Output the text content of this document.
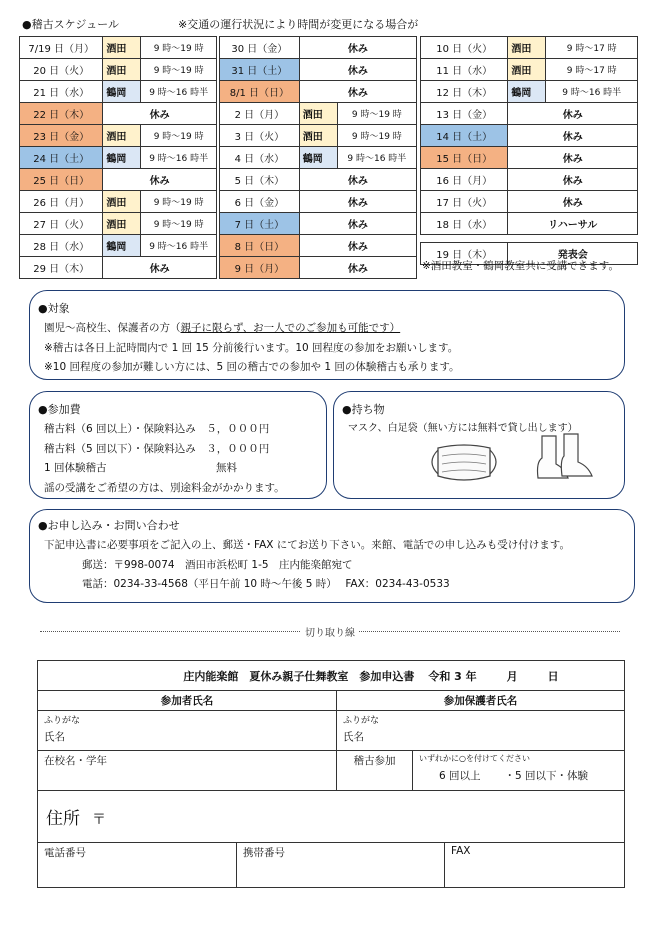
●稽古スケジュール	※交通の運行状況により時間が変更になる場合が
7/19 日（月）	酒田	9 時〜19 時
20 日（火）	酒田	9 時〜19 時
21 日（水）	鶴岡	9 時〜16 時半
22 日（木）	休み	
23 日（金）	酒田	9 時〜19 時
24 日（土）	鶴岡	9 時〜16 時半
25 日（日）	休み	
26 日（月）	酒田	9 時〜19 時
27 日（火）	酒田	9 時〜19 時
28 日（水）	鶴岡	9 時〜16 時半
29 日（木）	休み	
30 日（金）	休み	
31 日（土）	休み	
8/1 日（日）	休み	
2 日（月）	酒田	9 時〜19 時
3 日（火）	酒田	9 時〜19 時
4 日（水）	鶴岡	9 時〜16 時半
5 日（木）	休み	
6 日（金）	休み	
7 日（土）	休み	
8 日（日）	休み	
9 日（月）	休み	
10 日（火）	酒田	9 時〜17 時
11 日（水）	酒田	9 時〜17 時
12 日（木）	鶴岡	9 時〜16 時半
13 日（金）	休み	
14 日（土）	休み	
15 日（日）	休み	
16 日（月）	休み	
17 日（火）	休み	
18 日（水）	リハーサル	

19 日（木）	発表会	
※酒田教室・鶴岡教室共に受講できます。
●対象
園児〜高校生、保護者の方（親子に限らず、お一人でのご参加も可能です）
※稽古は各日上記時間内で 1 回 15 分前後行います。10 回程度の参加をお願いします。
※10 回程度の参加が難しい方には、5 回の稽古での参加や 1 回の体験稽古も承ります。
●参加費
稽古料（6 回以上）・保険料込み　 ５，０００円
稽古料（5 回以下）・保険料込み　 ３，０００円
1 回体験稽古	無料
謡の受講をご希望の方は、別途料金がかかります。
●持ち物
マスク、白足袋（無い方には無料で貸し出します）
●お申し込み・お問い合わせ
下記申込書に必要事項をご記入の上、郵送・FAX にてお送り下さい。来館、電話での申し込みも受け付けます。
郵送：〒998-0074　酒田市浜松町 1-5　庄内能楽館宛て
電話：0234-33-4568（平日午前 10 時〜午後 5 時）　 FAX：0234-43-0533
切り取り線
庄内能楽館　夏休み親子仕舞教室　参加申込書 令和 3 年	月	日
参加者氏名	参加保護者氏名
ふりがな
氏名
ふりがな
氏名
在校名・学年	稽古参加	いずれかに○を付けてください
6 回以上 ・5 回以下・体験
住所 〒
電話番号	携帯番号	FAX
